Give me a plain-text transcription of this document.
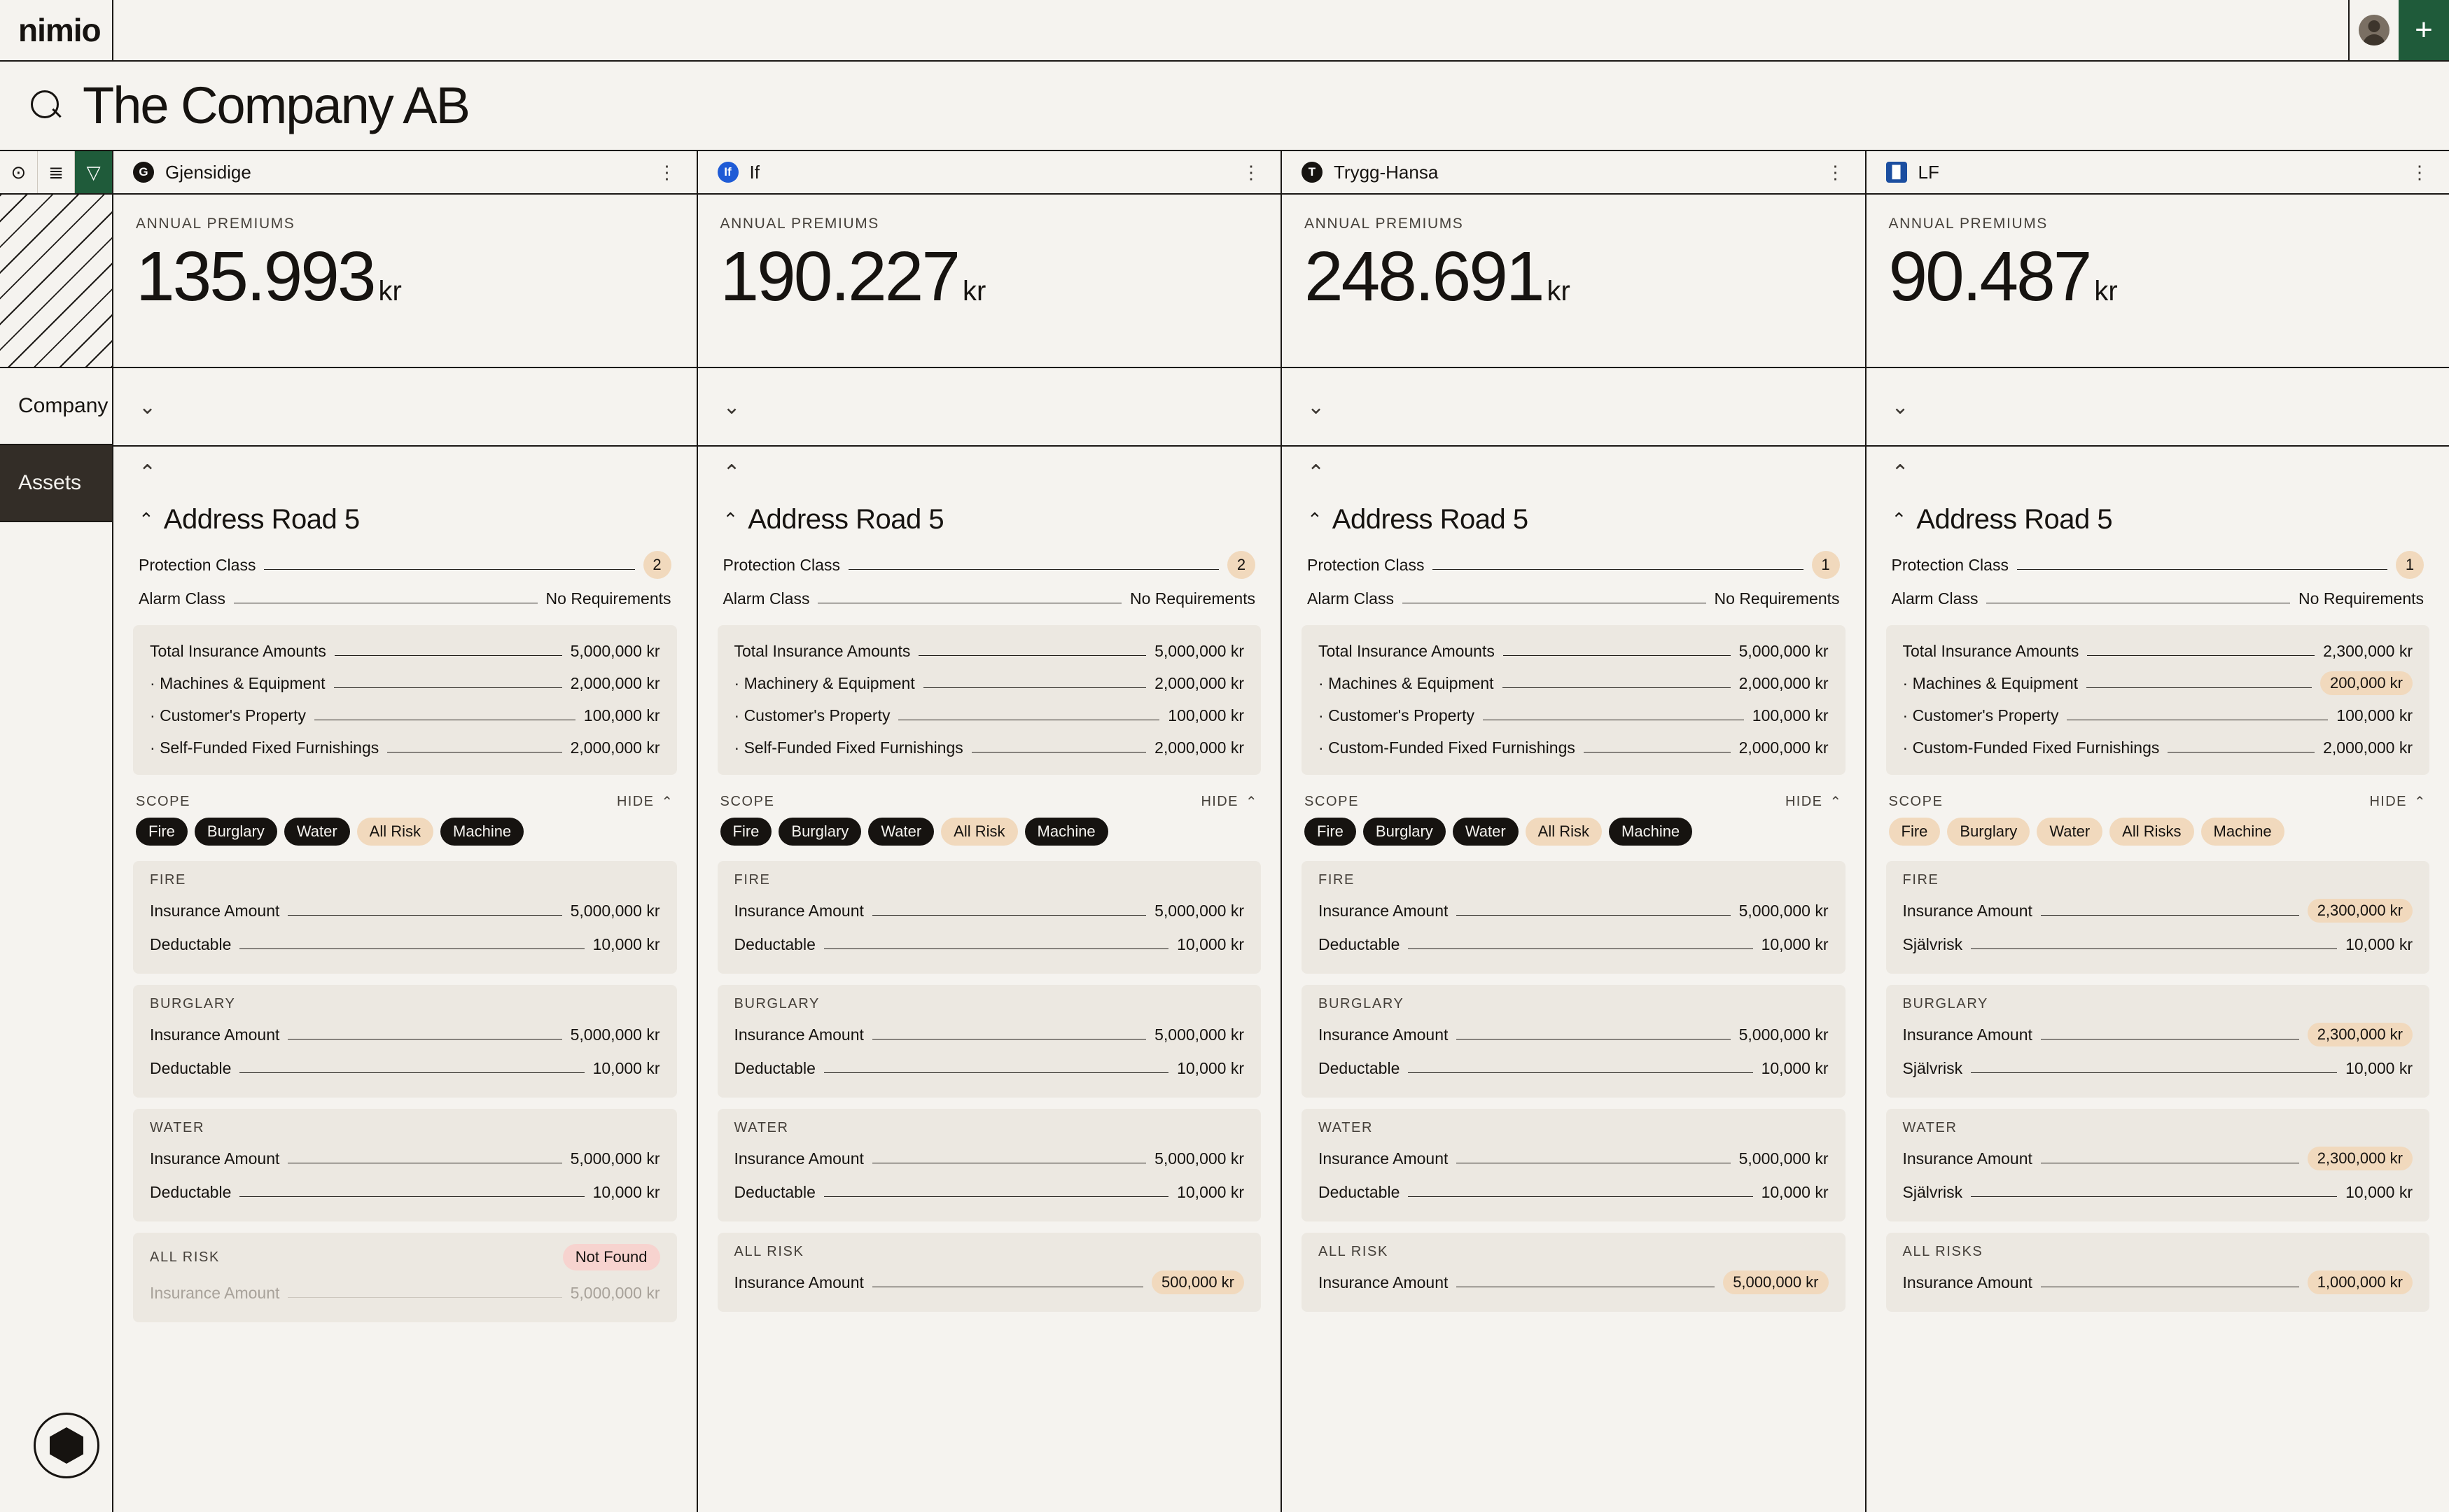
nimio	+
The Company AB
⊙ ≣ ▽	G Gjensidige	⋮	If If	⋮	T Trygg-Hansa	⋮	▐▌ LF	⋮
Company
Assets
ANNUAL PREMIUMS
135.993 kr
⌄
⌃
⌃ Address Road 5
Protection Class	2
Alarm Class	No Requirements
Total Insurance Amounts	5,000,000 kr
· Machines & Equipment	2,000,000 kr
· Customer's Property	100,000 kr
· Self-Funded Fixed Furnishings	2,000,000 kr
SCOPE	HIDE ⌃
Fire	Burglary	Water	All Risk	Machine
FIRE
Insurance Amount	5,000,000 kr
Deductable	10,000 kr
BURGLARY
Insurance Amount	5,000,000 kr
Deductable	10,000 kr
WATER
Insurance Amount	5,000,000 kr
Deductable	10,000 kr
ALL RISK	Not Found
Insurance Amount	5,000,000 kr
ANNUAL PREMIUMS
190.227 kr
⌄
⌃
⌃ Address Road 5
Protection Class	2
Alarm Class	No Requirements
Total Insurance Amounts	5,000,000 kr
· Machinery & Equipment	2,000,000 kr
· Customer's Property	100,000 kr
· Self-Funded Fixed Furnishings	2,000,000 kr
SCOPE	HIDE ⌃
Fire	Burglary	Water	All Risk	Machine
FIRE
Insurance Amount	5,000,000 kr
Deductable	10,000 kr
BURGLARY
Insurance Amount	5,000,000 kr
Deductable	10,000 kr
WATER
Insurance Amount	5,000,000 kr
Deductable	10,000 kr
ALL RISK
Insurance Amount	500,000 kr
ANNUAL PREMIUMS
248.691 kr
⌄
⌃
⌃ Address Road 5
Protection Class	1
Alarm Class	No Requirements
Total Insurance Amounts	5,000,000 kr
· Machines & Equipment	2,000,000 kr
· Customer's Property	100,000 kr
· Custom-Funded Fixed Furnishings	2,000,000 kr
SCOPE	HIDE ⌃
Fire	Burglary	Water	All Risk	Machine
FIRE
Insurance Amount	5,000,000 kr
Deductable	10,000 kr
BURGLARY
Insurance Amount	5,000,000 kr
Deductable	10,000 kr
WATER
Insurance Amount	5,000,000 kr
Deductable	10,000 kr
ALL RISK
Insurance Amount	5,000,000 kr
ANNUAL PREMIUMS
90.487 kr
⌄
⌃
⌃ Address Road 5
Protection Class	1
Alarm Class	No Requirements
Total Insurance Amounts	2,300,000 kr
· Machines & Equipment	200,000 kr
· Customer's Property	100,000 kr
· Custom-Funded Fixed Furnishings	2,000,000 kr
SCOPE	HIDE ⌃
Fire	Burglary	Water	All Risks	Machine
FIRE
Insurance Amount	2,300,000 kr
Självrisk	10,000 kr
BURGLARY
Insurance Amount	2,300,000 kr
Självrisk	10,000 kr
WATER
Insurance Amount	2,300,000 kr
Självrisk	10,000 kr
ALL RISKS
Insurance Amount	1,000,000 kr
